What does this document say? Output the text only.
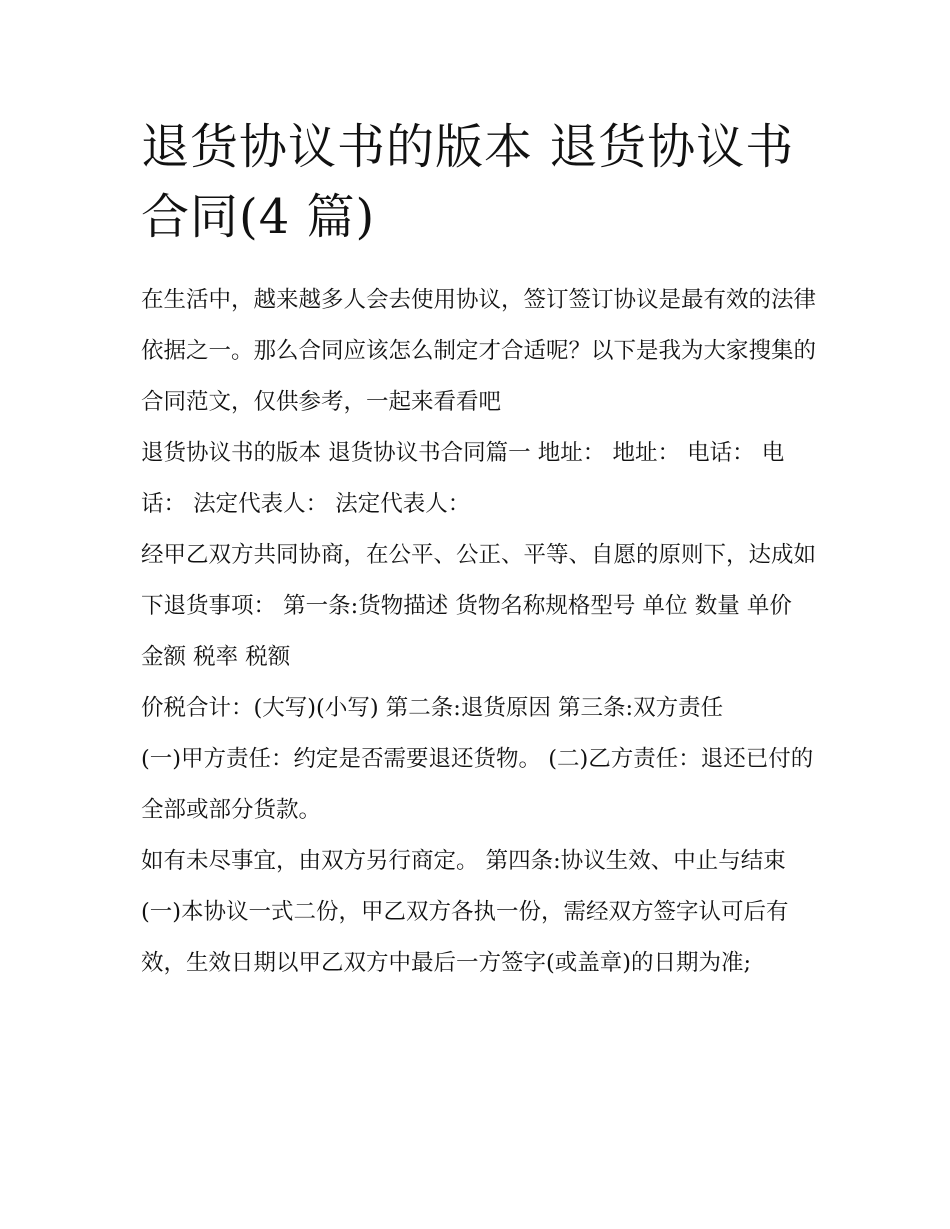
退货协议书的版本 退货协议书合同(4 篇)

在生活中，越来越多人会去使用协议，签订签订协议是最有效的法律依据之一。那么合同应该怎么制定才合适呢？以下是我为大家搜集的合同范文，仅供参考，一起来看看吧

退货协议书的版本 退货协议书合同篇一 地址： 地址： 电话： 电话： 法定代表人： 法定代表人：

经甲乙双方共同协商，在公平、公正、平等、自愿的原则下，达成如下退货事项： 第一条:货物描述 货物名称规格型号 单位 数量 单价 金额 税率 税额

价税合计：(大写)(小写) 第二条:退货原因 第三条:双方责任

(一)甲方责任：约定是否需要退还货物。 (二)乙方责任：退还已付的全部或部分货款。

如有未尽事宜，由双方另行商定。 第四条:协议生效、中止与结束

(一)本协议一式二份，甲乙双方各执一份，需经双方签字认可后有效，生效日期以甲乙双方中最后一方签字(或盖章)的日期为准;
